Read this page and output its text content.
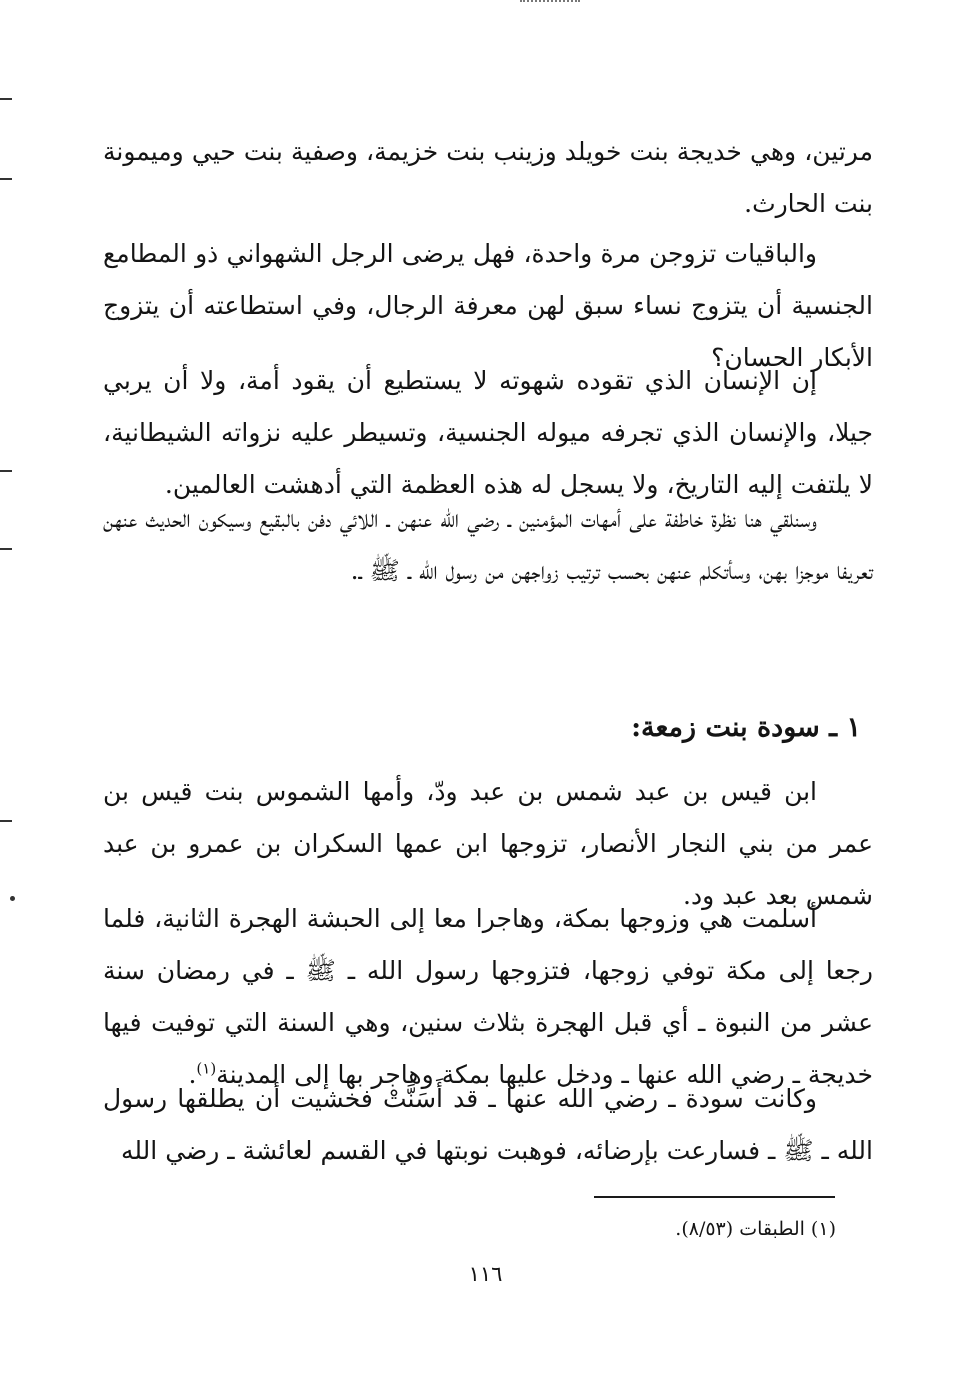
مرتين، وهي خديجة بنت خويلد وزينب بنت خزيمة، وصفية بنت حيي وميمونة بنت الحارث.

والباقيات تزوجن مرة واحدة، فهل يرضى الرجل الشهواني ذو المطامع الجنسية أن يتزوج نساء سبق لهن معرفة الرجال، وفي استطاعته أن يتزوج الأبكار الحسان؟

إن الإنسان الذي تقوده شهوته لا يستطيع أن يقود أمة، ولا أن يربي جيلا، والإنسان الذي تجرفه ميوله الجنسية، وتسيطر عليه نزواته الشيطانية، لا يلتفت إليه التاريخ، ولا يسجل له هذه العظمة التي أدهشت العالمين.

وسنلقي هنا نظرة خاطفة على أمهات المؤمنين ـ رضي الله عنهن ـ اللائي دفن بالبقيع وسيكون الحديث عنهن تعريفا موجزا بهن، وسأتكلم عنهن بحسب ترتيب زواجهن من رسول الله ـ ﷺ ـ.

١ ـ سودة بنت زمعة:

ابن قيس بن عبد شمس بن عبد ودّ، وأمها الشموس بنت قيس بن عمر من بني النجار الأنصار، تزوجها ابن عمها السكران بن عمرو بن عبد شمس بعد عبد ود.

أسلمت هي وزوجها بمكة، وهاجرا معا إلى الحبشة الهجرة الثانية، فلما رجعا إلى مكة توفي زوجها، فتزوجها رسول الله ـ ﷺ ـ في رمضان سنة عشر من النبوة ـ أي قبل الهجرة بثلاث سنين، وهي السنة التي توفيت فيها خديجة ـ رضي الله عنها ـ ودخل عليها بمكة وهاجر بها إلى المدينة$^{(١)}$.

وكانت سودة ـ رضي الله عنها ـ قد أَسَنَّتْ فخشيت أن يطلقها رسول الله ـ ﷺ ـ فسارعت بإرضائه، فوهبت نوبتها في القسم لعائشة ـ رضي الله

(١) الطبقات (٨/٥٣).

١١٦
